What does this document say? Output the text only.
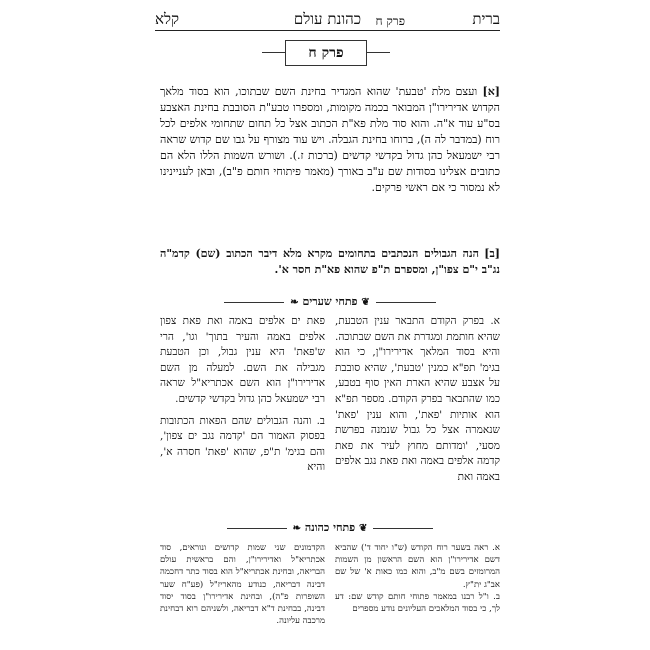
ברית
פרק ח
כהונת עולם
קלא
פרק ח

[א] ועצם מלת 'טבעת' שהוא המגדיר בחינת השם שבתוכו, הוא בסוד מלאך הקדוש אדירירו"ן המבואר בכמה מקומות, ומספרו טבע"ת הסובבת בחינת האצבע בס"ע עוד א"ה. והוא סוד מלת פא"ת הכתוב אצל כל תחום שתחומי אלפים לכל רוח (במדבר לה ה), ברוחו בחינת הגבלה. ויש עוד מצורף על גבו שם קדוש שראה רבי ישמעאל כהן גדול בקדשי קדשים (ברכות ז.). ושורש השמות הללו הלא הם כתובים אצלינו בסודות שם ע"ב באורך (מאמר פיתוחי חותם פ"ב), ובאן לעניינינו לא נמסור כי אם ראשי פרקים.

[ב] הנה הגבולים הנכתבים בתחומים מקרא מלא דיבר הכתוב (שם) קדמ"ה נג"ב י"ם צפו"ן, ומספרם ת"פ שהוא פא"ת חסר א'.

❦ פתחי שערים ❧

א. בפרק הקודם התבאר ענין הטבעת, שהיא חותמת ומגדרת את השם שבתוכה. והיא בסוד המלאך אדירירו"ן, כי הוא בגימ' תפ"א כמנין 'טבעת', שהיא סובבת על אצבע שהיא הארת האין סוף בטבע, כמו שהתבאר בפרק הקודם. מספר תפ"א הוא אותיות 'פאת', והוא ענין 'פאת' שנאמרה אצל כל גבול שנמנה בפרשת מסעי, 'ומדותם מחוץ לעיר את פאת קדמה אלפים באמה ואת פאת נגב אלפים באמה ואת

פאת ים אלפים באמה ואת פאת צפון אלפים באמה והעיר בתוך' וגו', הרי ש'פאת' היא ענין גבול, וכן הטבעת מגבילה את השם. למעלה מן השם אדירירו"ן הוא השם אכתריא"ל שראה רבי ישמעאל כהן גדול בקדשי קדשים.
ב. והנה הגבולים שהם הפאות הכתובות בפסוק האמור הם 'קדמה נגב ים צפון', והם בגימ' ת"פ, שהוא 'פאת' חסרה א', והיא

❦ פתחי כהונה ❧

א. ראה בשער רוח הקודש (ש"ו יחוד ד') שהביא דשם אדירירו"ן הוא השם הראשון מן השמות המרומזים בשם מ"ב, והוא כמו כאות א' של שם אב"ג ית"ץ.
ב. ו"ל רבנו במאמר פתוחי חותם קודש שם: דע לך, כי בסוד המלאכים העליונים נודע מספרים

הקדמונים שני שמות קדושים ונוראים, סוד אכתריא"ל ואדירירו"ן, והם בראשית עולם הבריאה, ובחינת אכתריא"ל הוא בסוד כתר דחכמה דבינה דבריאה, כנודע מהאריז"ל (פע"ח שער השופרות פ"ה), ובחינת אדירירו"ן בסוד יסוד דבינה, בבחינת ד"א דבריאה, ולשניהם רוא דבחינת מרכבה עליונה.
